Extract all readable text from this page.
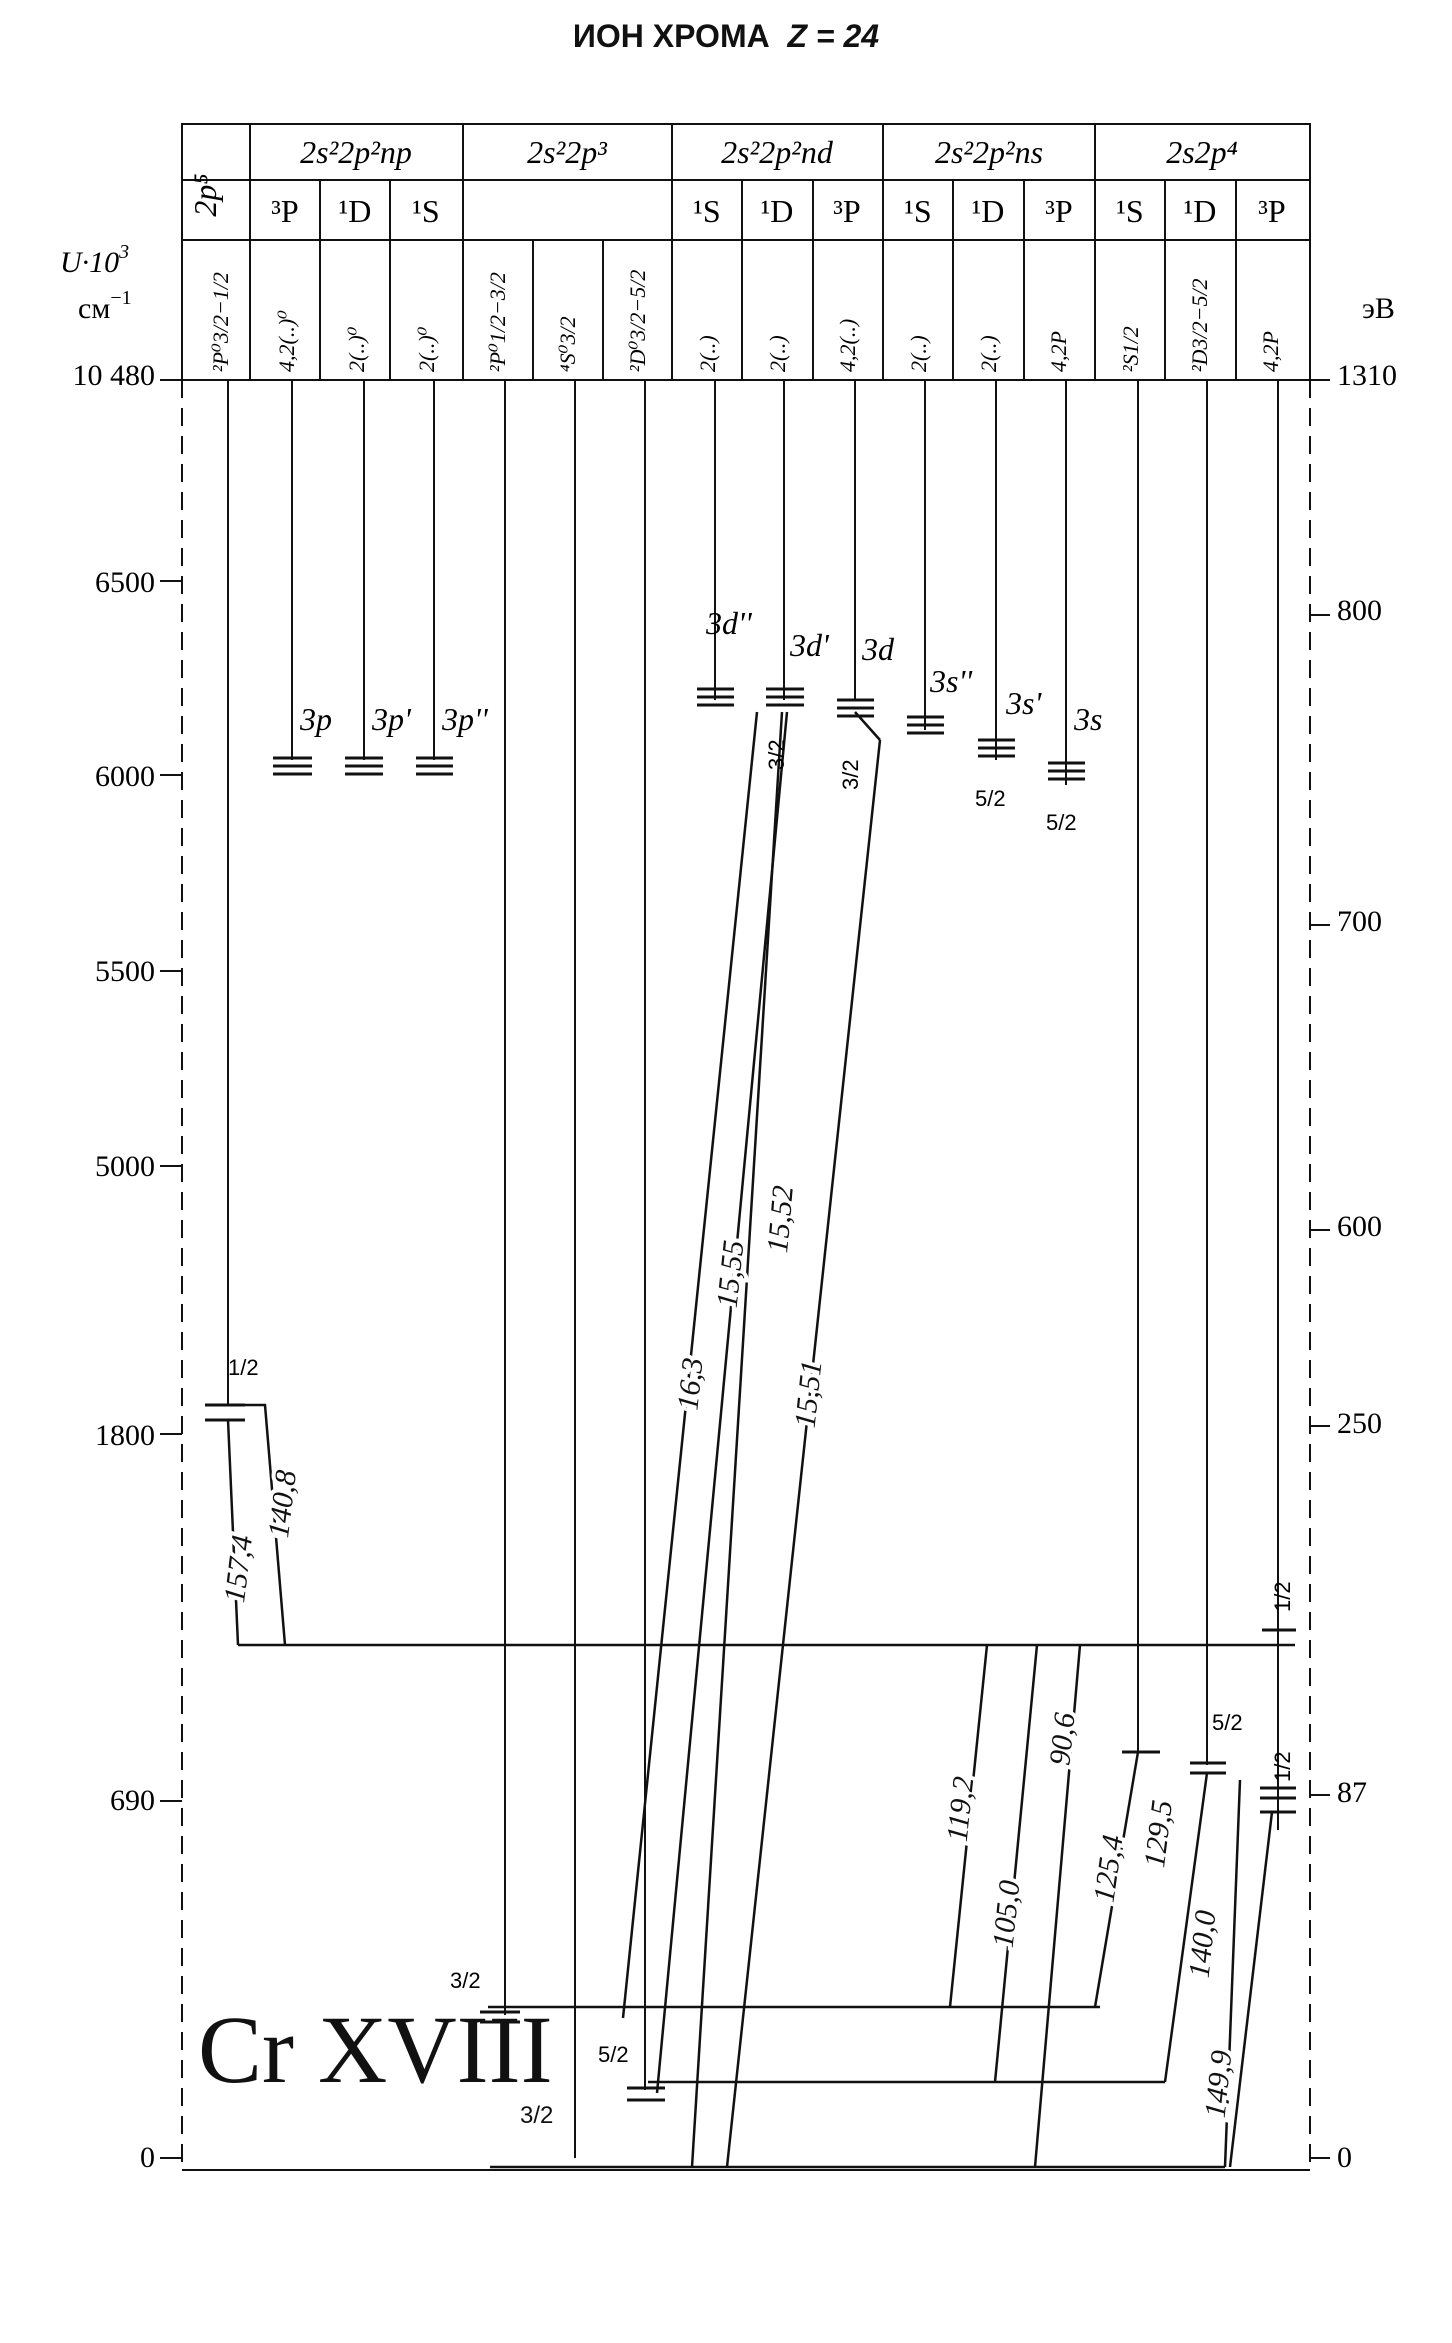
ИОН ХРОМА Z = 24
2p⁵
2s²2p²np	2s²2p³	2s²2p²nd	2s²2p²ns	2s2p⁴
³P ¹D ¹S	¹S ¹D ³P ¹S ¹D ³P ¹S ¹D ³P
²P⁰3/2−1/2 4,2(..)⁰ 2(..)⁰ 2(..)⁰ ²P⁰1/2−3/2 ⁴S⁰3/2 ²D⁰3/2−5/2 2(..) 2(..) 4,2(..) 2(..) 2(..) 4,2P ²S1/2 ²D3/2−5/2 4,2P
$U\cdot 10^3$
$см^{-1}$
10 480
6500
6000
5500
5000
1800
690
0
эВ
1310
800
700
600
250
87
0
3p 3p' 3p''
3d''
3d' 3d
3s''
3s' 3s
3/2
3/2
5/2
5/2
1/2
1/2
5/2
1/2
3/2
5/2
157,4
140,8
16,3
15,55
15,52
15,51
119,2
105,0
90,6
125,4 129,5
140,0
149,9
Cr XVIII
3/2
